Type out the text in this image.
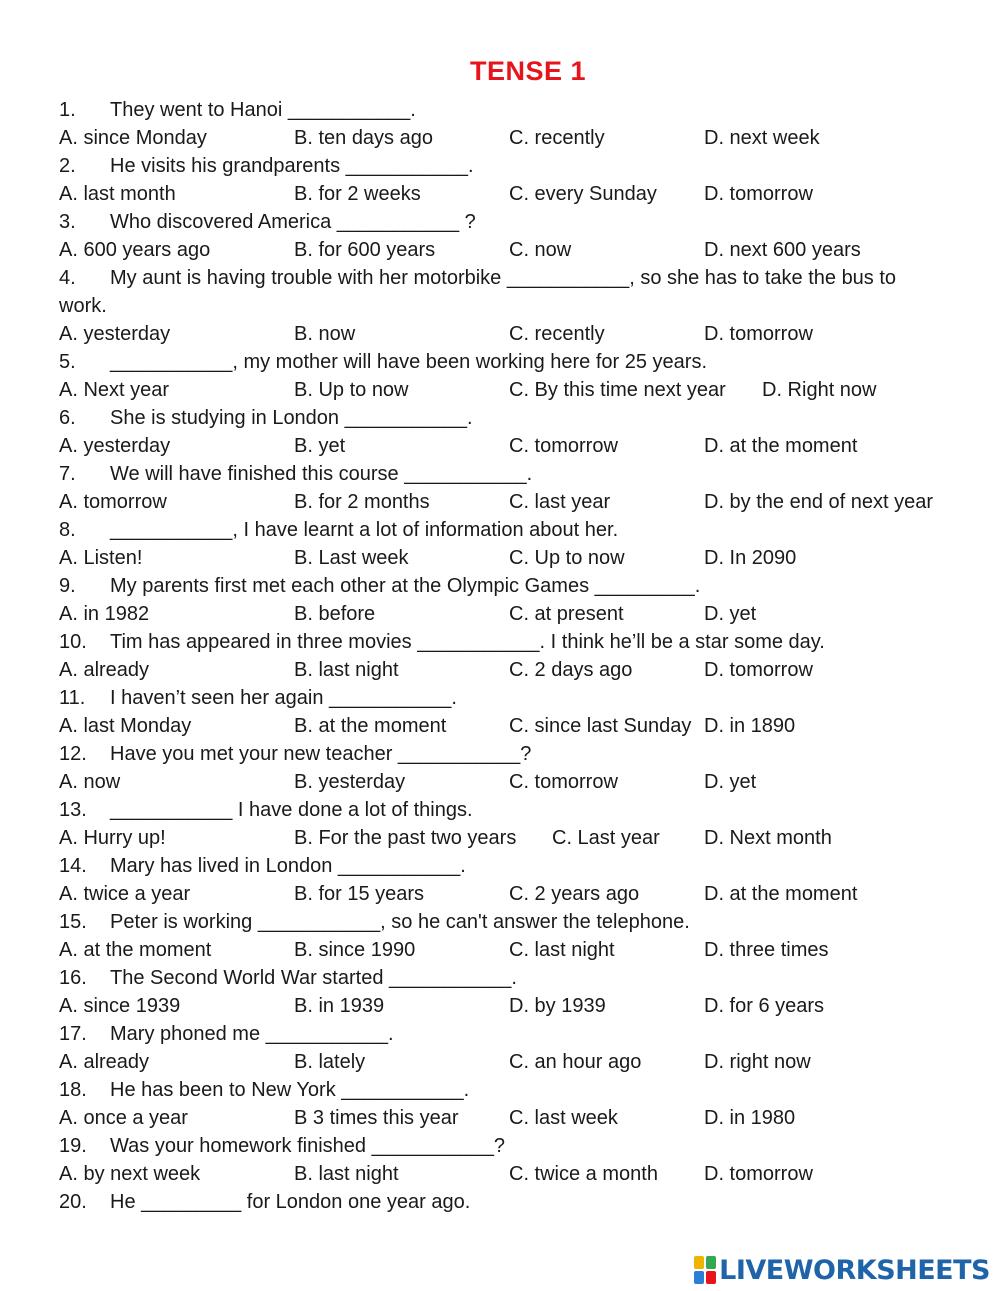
TENSE 1
1. They went to Hanoi ___________.
A. since Monday	B. ten days ago	C. recently	D. next week
2. He visits his grandparents ___________.
A. last month	B. for 2 weeks	C. every Sunday D. tomorrow
3. Who discovered America ___________ ?
A. 600 years ago	B. for 600 years	C. now	D. next 600 years
4. My aunt is having trouble with her motorbike ___________, so she has to take the bus to
work.
A. yesterday	B. now	C. recently	D. tomorrow
5. ___________, my mother will have been working here for 25 years.
A. Next year	B. Up to now	C. By this time next year D. Right now
6. She is studying in London ___________.
A. yesterday	B. yet	C. tomorrow	D. at the moment
7. We will have finished this course ___________.
A. tomorrow	B. for 2 months	C. last year	D. by the end of next year
8. ___________, I have learnt a lot of information about her.
A. Listen!	B. Last week	C. Up to now	D. In 2090
9. My parents first met each other at the Olympic Games _________.
A. in 1982	B. before	C. at present	D. yet
10. Tim has appeared in three movies ___________. I think he’ll be a star some day.
A. already	B. last night	C. 2 days ago	D. tomorrow
11. I haven’t seen her again ___________.
A. last Monday	B. at the moment	C. since last Sunday D. in 1890
12. Have you met your new teacher ___________?
A. now	B. yesterday	C. tomorrow	D. yet
13. ___________ I have done a lot of things.
A. Hurry up!	B. For the past two years C. Last year D. Next month
14. Mary has lived in London ___________.
A. twice a year	B. for 15 years	C. 2 years ago	D. at the moment
15. Peter is working ___________, so he can't answer the telephone.
A. at the moment	B. since 1990	C. last night	D. three times
16. The Second World War started ___________.
A. since 1939	B. in 1939	D. by 1939	D. for 6 years
17. Mary phoned me ___________.
A. already	B. lately	C. an hour ago	D. right now
18. He has been to New York ___________.
A. once a year	B 3 times this year	C. last week	D. in 1980
19. Was your homework finished ___________?
A. by next week	B. last night	C. twice a month D. tomorrow
20. He _________ for London one year ago.
LIVEWORKSHEETS
